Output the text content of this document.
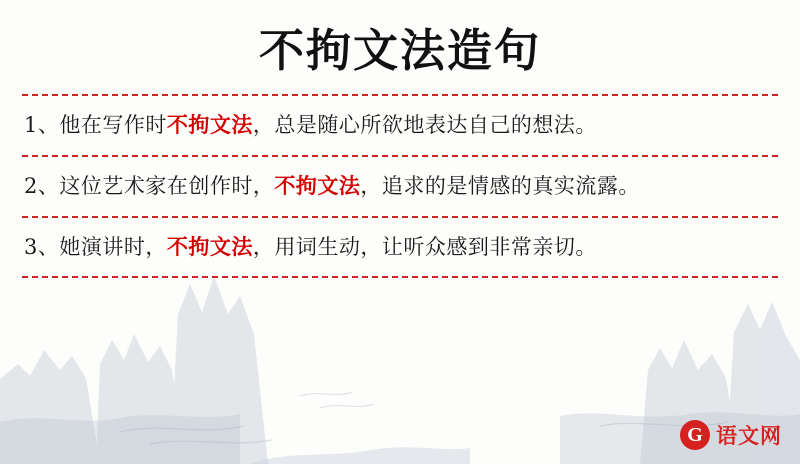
不拘文法造句
1、他在写作时不拘文法，总是随心所欲地表达自己的想法。
2、这位艺术家在创作时，不拘文法，追求的是情感的真实流露。
3、她演讲时，不拘文法，用词生动，让听众感到非常亲切。
G 语文网
